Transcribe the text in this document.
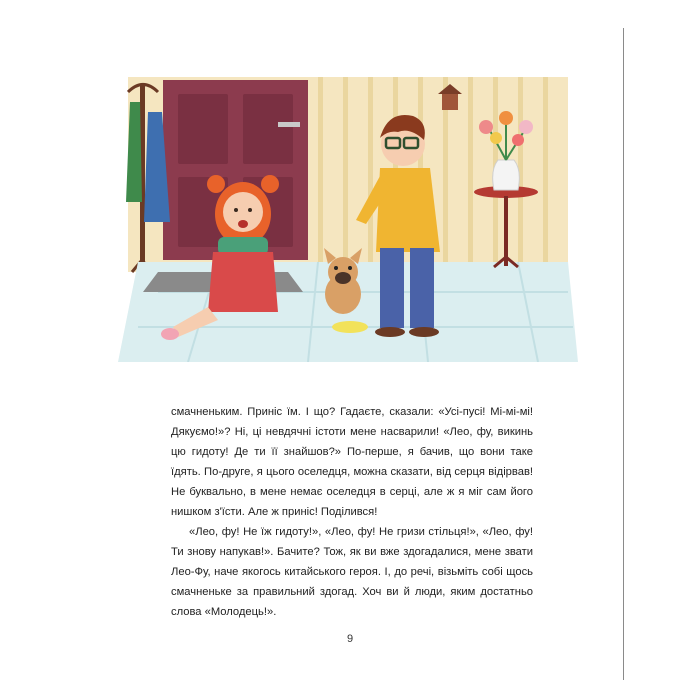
смачненьким. Приніс їм. І що? Гадаєте, сказали: «Усі-пусі! Мі-мі-мі! Дякуємо!»? Ні, ці невдячні істоти мене насварили! «Лео, фу, викинь цю гидоту! Де ти її знайшов?» По-перше, я бачив, що вони таке їдять. По-друге, я цього оселедця, можна сказати, від серця відірвав! Не буквально, в мене немає оселедця в серці, але ж я міг сам його нишком з'їсти. Але ж приніс! Поділився!

«Лео, фу! Не їж гидоту!», «Лео, фу! Не гризи стільця!», «Лео, фу! Ти знову напукав!». Бачите? Тож, як ви вже здогадалися, мене звати Лео-Фу, наче якогось китайського героя. І, до речі, візьміть собі щось смачненьке за правильний здогад. Хоч ви й люди, яким достатньо слова «Молодець!».

9
